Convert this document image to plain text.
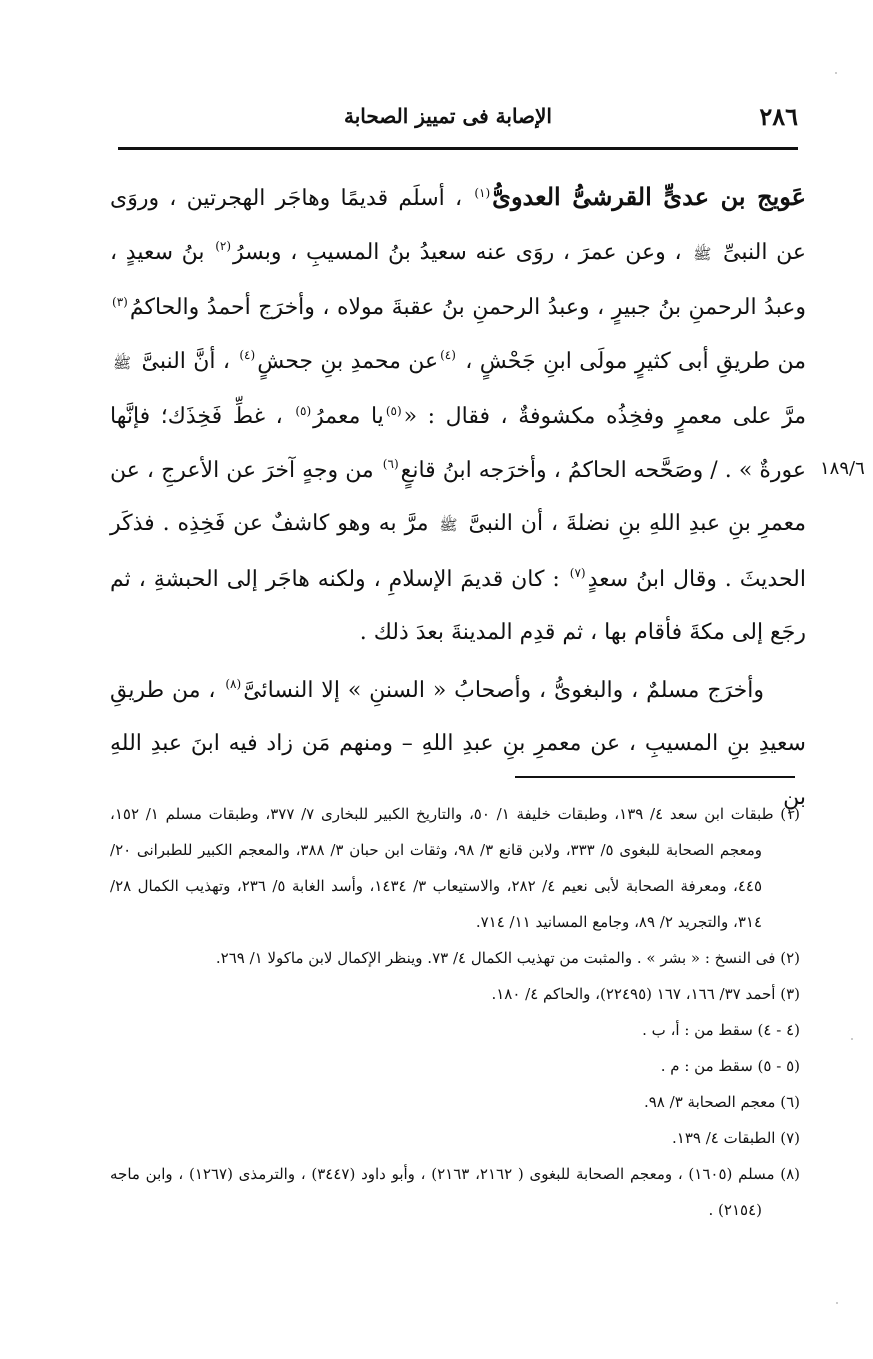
٢٨٦
الإصابة فى تمييز الصحابة

عَويج بن عدىٍّ القرشىُّ العدوىُّ$^{(١)}$ ، أسلَم قديمًا وهاجَر الهجرتين ، وروَى عن النبىِّ ﷺ ، وعن عمرَ ، روَى عنه سعيدُ بنُ المسيبِ ، وبسرُ$^{(٢)}$ بنُ سعيدٍ ، وعبدُ الرحمنِ بنُ جبيرٍ ، وعبدُ الرحمنِ بنُ عقبةَ مولاه ، وأخرَج أحمدُ والحاكمُ$^{(٣)}$ من طريقِ أبى كثيرٍ مولَى ابنِ جَحْشٍ ، $^{(٤)}$عن محمدِ بنِ جحشٍ$^{(٤)}$ ، أنَّ النبىَّ ﷺ مرَّ على معمرٍ وفخِذُه مكشوفةٌ ، فقال : «$^{(٥)}$يا معمرُ$^{(٥)}$ ، غطِّ فَخِذَك؛ فإنَّها عورةٌ » . / وصَحَّحه الحاكمُ ، وأخرَجه ابنُ قانعٍ$^{(٦)}$ من وجهٍ آخرَ عن الأعرجِ ، عن معمرِ بنِ عبدِ اللهِ بنِ نضلةَ ، أن النبىَّ ﷺ مرَّ به وهو كاشفٌ عن فَخِذِه . فذكَر الحديثَ . وقال ابنُ سعدٍ$^{(٧)}$ : كان قديمَ الإسلامِ ، ولكنه هاجَر إلى الحبشةِ ، ثم رجَع إلى مكةَ فأقام بها ، ثم قدِم المدينةَ بعدَ ذلك .

وأخرَج مسلمٌ ، والبغوىُّ ، وأصحابُ « السننِ » إلا النسائىَّ$^{(٨)}$ ، من طريقِ سعيدِ بنِ المسيبِ ، عن معمرِ بنِ عبدِ اللهِ – ومنهم مَن زاد فيه ابنَ عبدِ اللهِ بنِ

١٨٩/٦

(١) طبقات ابن سعد ٤/ ١٣٩، وطبقات خليفة ١/ ٥٠، والتاريخ الكبير للبخارى ٧/ ٣٧٧، وطبقات مسلم ١/ ١٥٢، ومعجم الصحابة للبغوى ٥/ ٣٣٣، ولابن قانع ٣/ ٩٨، وثقات ابن حبان ٣/ ٣٨٨، والمعجم الكبير للطبرانى ٢٠/ ٤٤٥، ومعرفة الصحابة لأبى نعيم ٤/ ٢٨٢، والاستيعاب ٣/ ١٤٣٤، وأسد الغابة ٥/ ٢٣٦، وتهذيب الكمال ٢٨/ ٣١٤، والتجريد ٢/ ٨٩، وجامع المسانيد ١١/ ٧١٤.

(٢) فى النسخ : « بشر » . والمثبت من تهذيب الكمال ٤/ ٧٣. وينظر الإكمال لابن ماكولا ١/ ٢٦٩.

(٣) أحمد ٣٧/ ١٦٦، ١٦٧ (٢٢٤٩٥)، والحاكم ٤/ ١٨٠.

(٤ - ٤) سقط من : أ، ب .

(٥ - ٥) سقط من : م .

(٦) معجم الصحابة ٣/ ٩٨.

(٧) الطبقات ٤/ ١٣٩.

(٨) مسلم (١٦٠٥) ، ومعجم الصحابة للبغوى ( ٢١٦٢، ٢١٦٣) ، وأبو داود (٣٤٤٧) ، والترمذى (١٢٦٧) ، وابن ماجه (٢١٥٤) .
